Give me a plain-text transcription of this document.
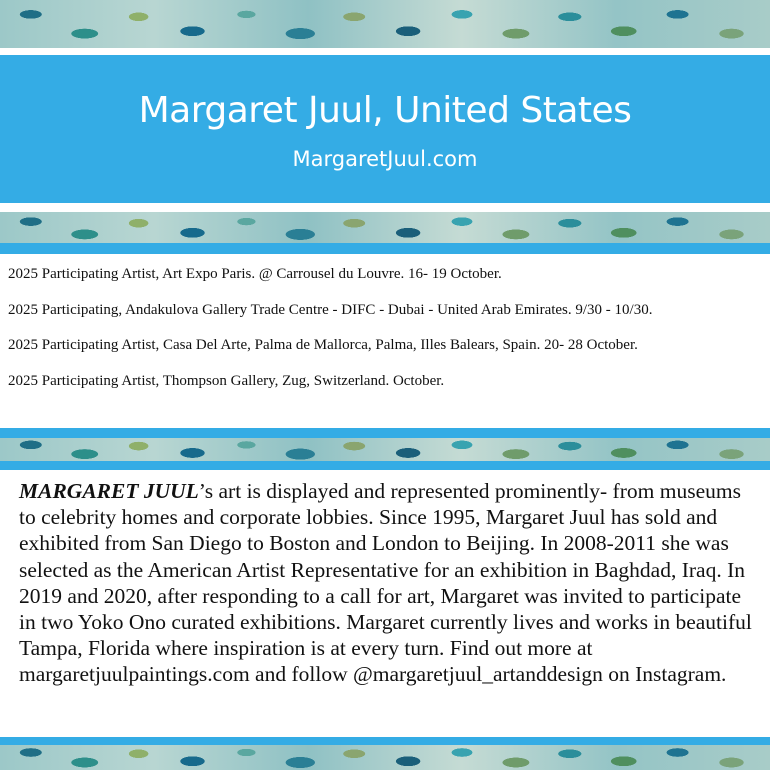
Margaret Juul, United States
MargaretJuul.com
2025 Participating Artist, Art Expo Paris. @ Carrousel du Louvre. 16- 19 October.
2025 Participating, Andakulova Gallery Trade Centre - DIFC - Dubai - United Arab Emirates. 9/30 - 10/30.
2025 Participating Artist, Casa Del Arte, Palma de Mallorca, Palma, Illes Balears, Spain. 20- 28 October.
2025 Participating Artist, Thompson Gallery, Zug, Switzerland. October.
MARGARET JUUL’s art is displayed and represented prominently- from museums to celebrity homes and corporate lobbies. Since 1995, Margaret Juul has sold and exhibited from San Diego to Boston and London to Beijing. In 2008-2011 she was selected as the American Artist Representative for an exhibition in Baghdad, Iraq. In 2019 and 2020, after responding to a call for art, Margaret was invited to participate in two Yoko Ono curated exhibitions. Margaret currently lives and works in beautiful Tampa, Florida where inspiration is at every turn. Find out more at margaretjuulpaintings.com and follow @margaretjuul_artanddesign on Instagram.
